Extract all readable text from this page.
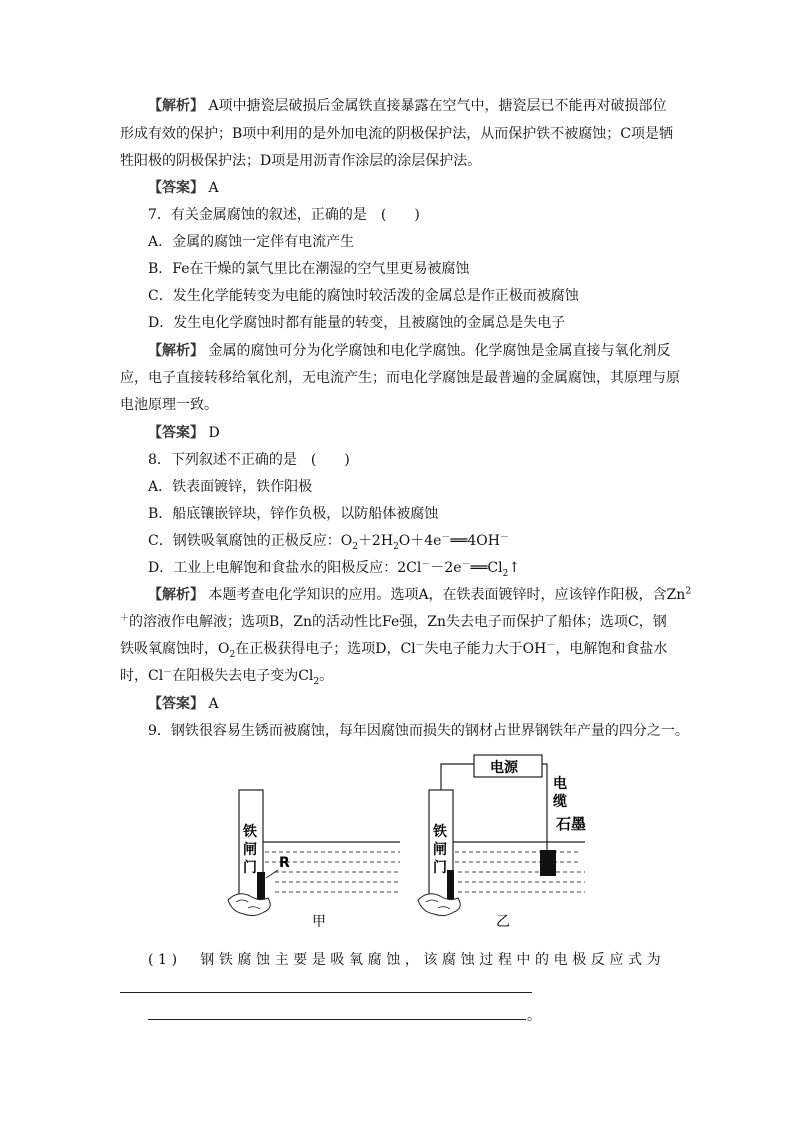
【解析】 A项中搪瓷层破损后金属铁直接暴露在空气中，搪瓷层已不能再对破损部位
形成有效的保护；B项中利用的是外加电流的阴极保护法，从而保护铁不被腐蚀；C项是牺
牲阳极的阴极保护法；D项是用沥青作涂层的涂层保护法。
【答案】 A
7．有关金属腐蚀的叙述，正确的是　(　　)
A．金属的腐蚀一定伴有电流产生
B．Fe在干燥的氯气里比在潮湿的空气里更易被腐蚀
C．发生化学能转变为电能的腐蚀时较活泼的金属总是作正极而被腐蚀
D．发生电化学腐蚀时都有能量的转变，且被腐蚀的金属总是失电子
【解析】 金属的腐蚀可分为化学腐蚀和电化学腐蚀。化学腐蚀是金属直接与氧化剂反
应，电子直接转移给氧化剂，无电流产生；而电化学腐蚀是最普遍的金属腐蚀，其原理与原
电池原理一致。
【答案】 D
8．下列叙述不正确的是　(　　)
A．铁表面镀锌，铁作阳极
B．船底镶嵌锌块，锌作负极，以防船体被腐蚀
C．钢铁吸氧腐蚀的正极反应：$O_2+2H_2O+4e^-══4OH^-$
D．工业上电解饱和食盐水的阳极反应：$2Cl^--2e^-══Cl_2↑$
【解析】 本题考查电化学知识的应用。选项A，在铁表面镀锌时，应该锌作阳极，含Zn$^2$
＋的溶液作电解液；选项B，Zn的活动性比Fe强，Zn失去电子而保护了船体；选项C，钢
铁吸氧腐蚀时，$O_2$在正极获得电子；选项D，Cl－失电子能力大于OH－，电解饱和食盐水
时，Cl－在阳极失去电子变为$Cl_2$。
【答案】 A
9．钢铁很容易生锈而被腐蚀，每年因腐蚀而损失的钢材占世界钢铁年产量的四分之一。
铁
闸
门 R
甲
电源
电
缆
石墨
铁
闸
门
乙
(1)　钢铁腐蚀主要是吸氧腐蚀，该腐蚀过程中的电极反应式为
。
